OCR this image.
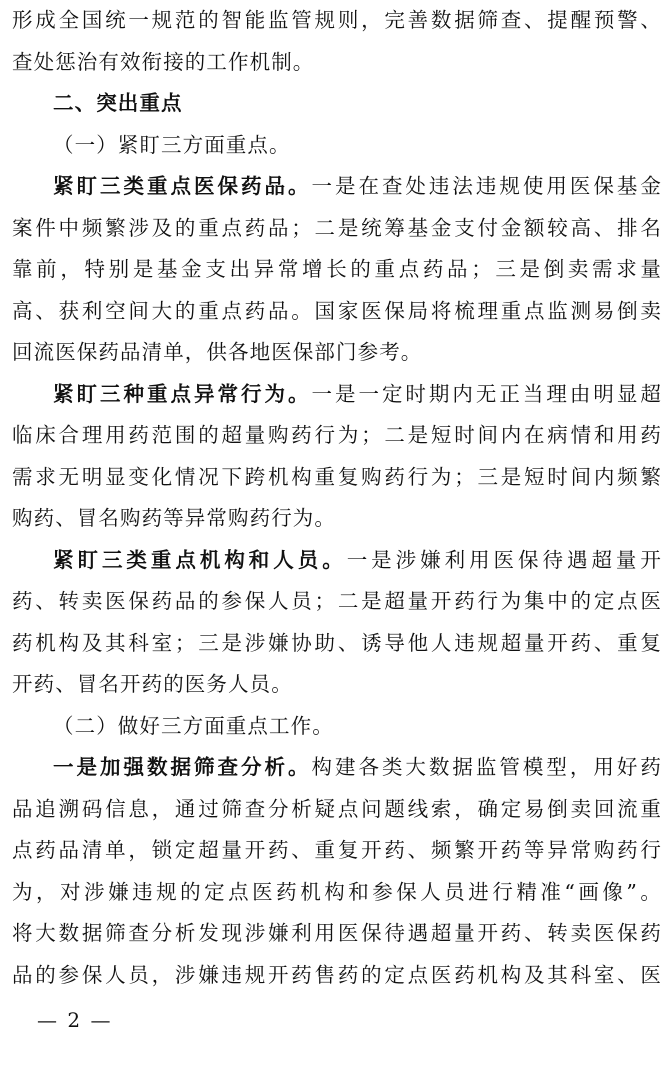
形成全国统一规范的智能监管规则，完善数据筛查、提醒预警、
查处惩治有效衔接的工作机制。
二、突出重点
（一）紧盯三方面重点。
紧盯三类重点医保药品。一是在查处违法违规使用医保基金
案件中频繁涉及的重点药品；二是统筹基金支付金额较高、排名
靠前，特别是基金支出异常增长的重点药品；三是倒卖需求量
高、获利空间大的重点药品。国家医保局将梳理重点监测易倒卖
回流医保药品清单，供各地医保部门参考。
紧盯三种重点异常行为。一是一定时期内无正当理由明显超
临床合理用药范围的超量购药行为；二是短时间内在病情和用药
需求无明显变化情况下跨机构重复购药行为；三是短时间内频繁
购药、冒名购药等异常购药行为。
紧盯三类重点机构和人员。一是涉嫌利用医保待遇超量开
药、转卖医保药品的参保人员；二是超量开药行为集中的定点医
药机构及其科室；三是涉嫌协助、诱导他人违规超量开药、重复
开药、冒名开药的医务人员。
（二）做好三方面重点工作。
一是加强数据筛查分析。构建各类大数据监管模型，用好药
品追溯码信息，通过筛查分析疑点问题线索，确定易倒卖回流重
点药品清单，锁定超量开药、重复开药、频繁开药等异常购药行
为，对涉嫌违规的定点医药机构和参保人员进行精准“画像”。
将大数据筛查分析发现涉嫌利用医保待遇超量开药、转卖医保药
品的参保人员，涉嫌违规开药售药的定点医药机构及其科室、医
— 2 —
